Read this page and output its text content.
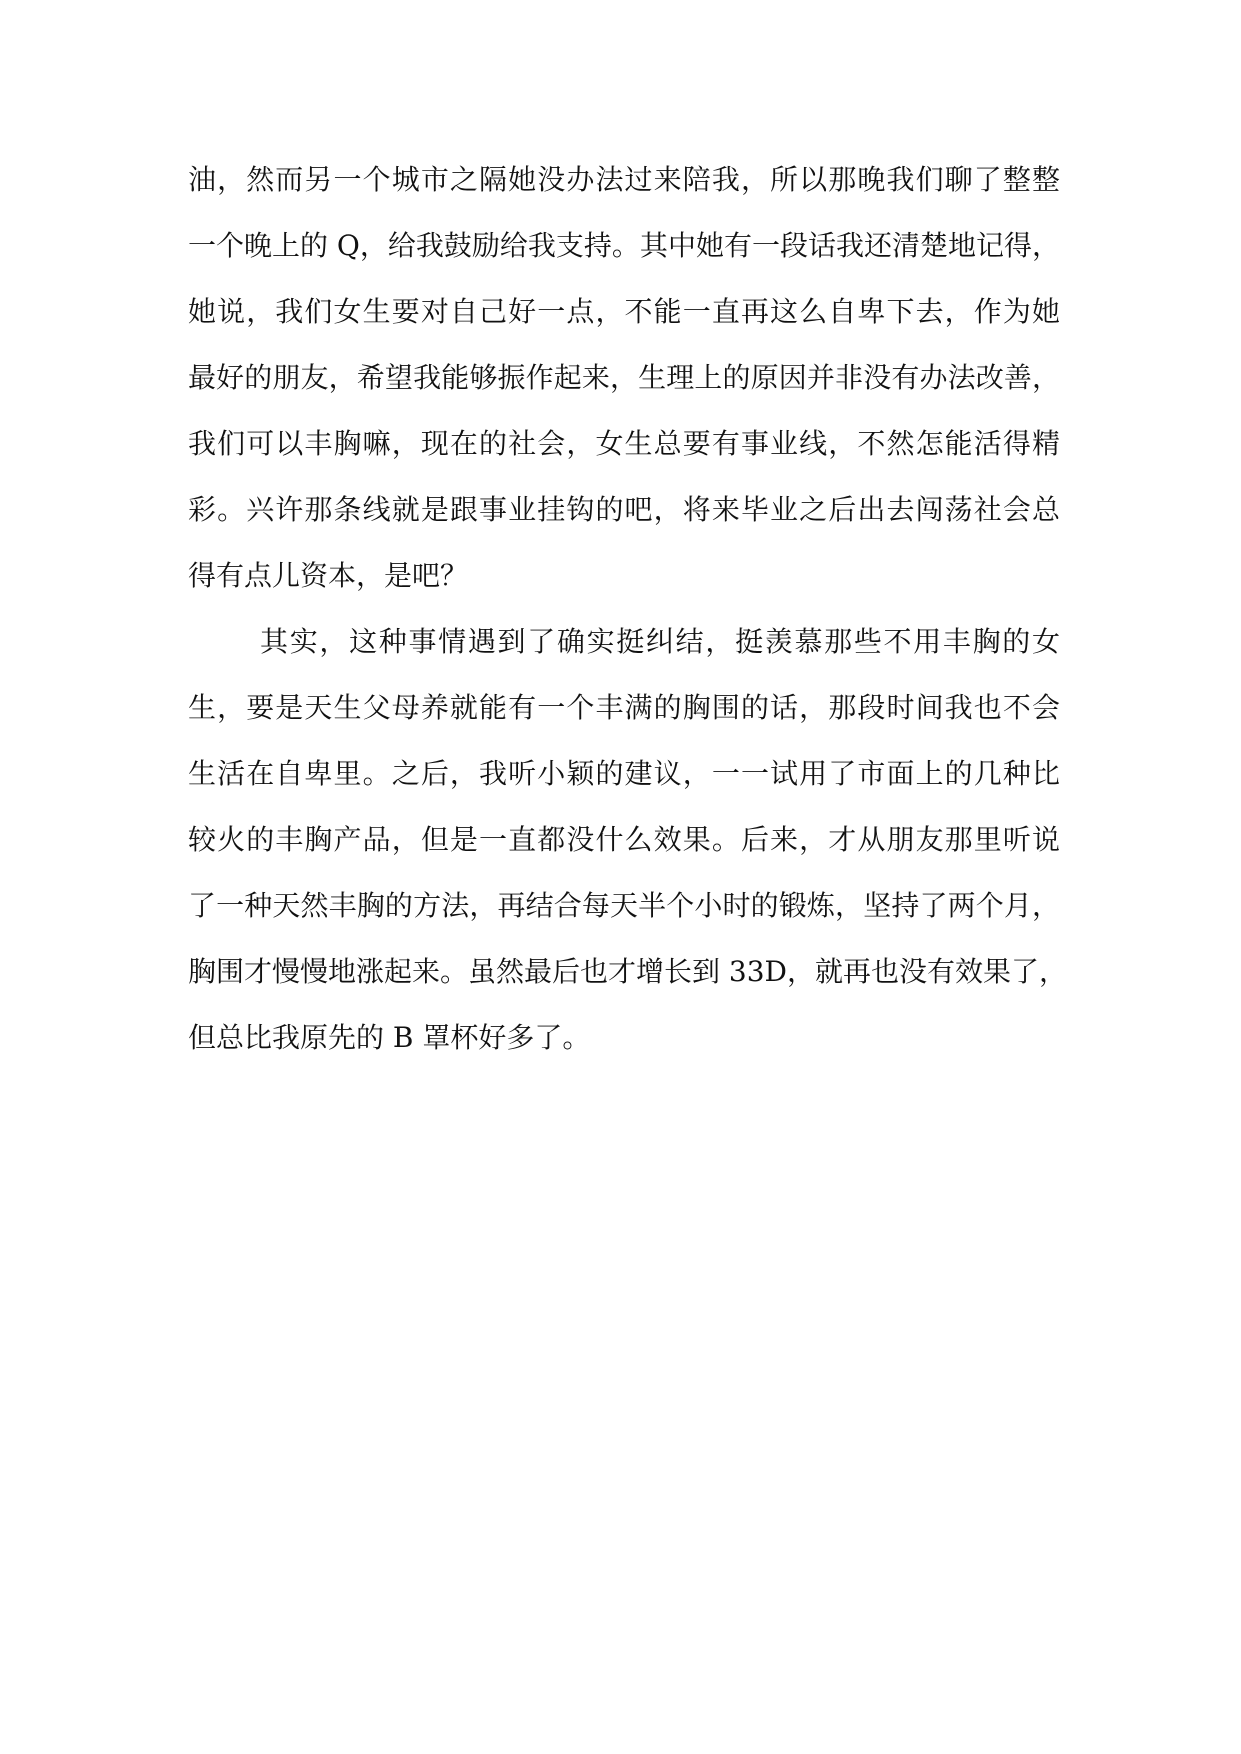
油，然而另一个城市之隔她没办法过来陪我，所以那晚我们聊了整整
一个晚上的 Q，给我鼓励给我支持。其中她有一段话我还清楚地记得，
她说，我们女生要对自己好一点，不能一直再这么自卑下去，作为她
最好的朋友，希望我能够振作起来，生理上的原因并非没有办法改善，
我们可以丰胸嘛，现在的社会，女生总要有事业线，不然怎能活得精
彩。兴许那条线就是跟事业挂钩的吧，将来毕业之后出去闯荡社会总
得有点儿资本，是吧？
其实，这种事情遇到了确实挺纠结，挺羡慕那些不用丰胸的女
生，要是天生父母养就能有一个丰满的胸围的话，那段时间我也不会
生活在自卑里。之后，我听小颖的建议，一一试用了市面上的几种比
较火的丰胸产品，但是一直都没什么效果。后来，才从朋友那里听说
了一种天然丰胸的方法，再结合每天半个小时的锻炼，坚持了两个月，
胸围才慢慢地涨起来。虽然最后也才增长到 33D，就再也没有效果了，
但总比我原先的 B 罩杯好多了。
